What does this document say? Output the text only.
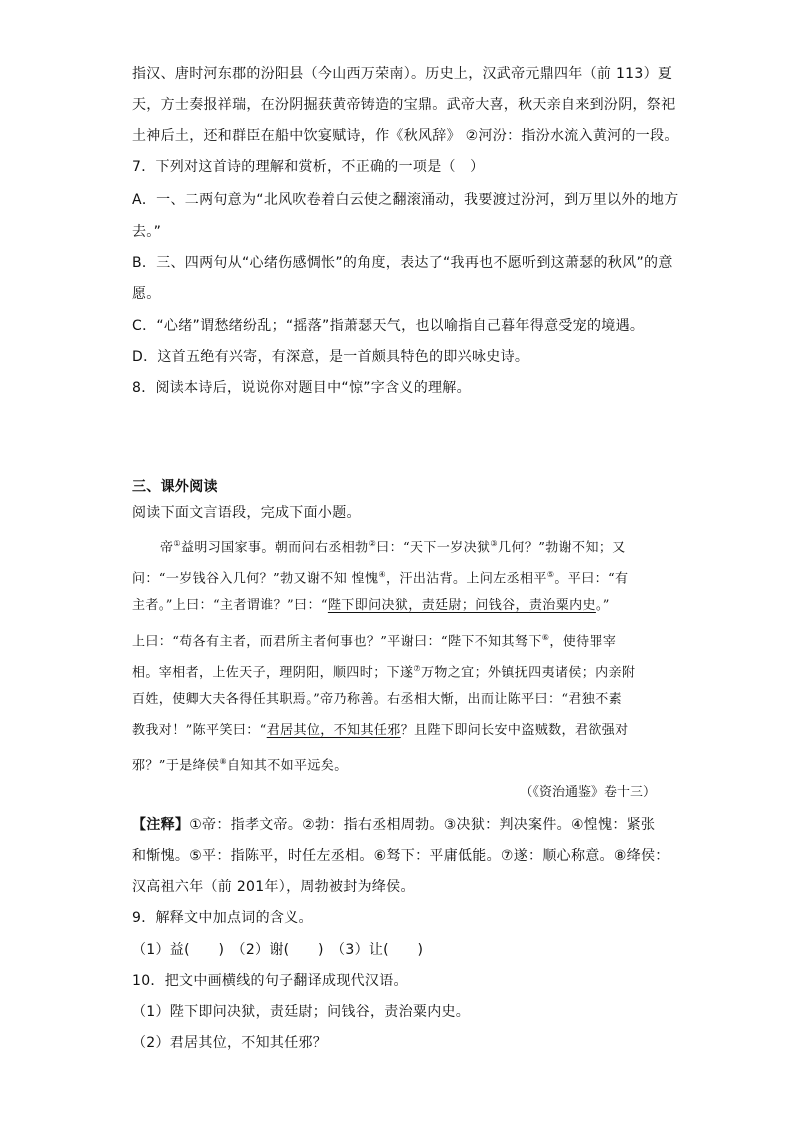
指汉、唐时河东郡的汾阳县（今山西万荣南）。历史上，汉武帝元鼎四年（前 113）夏
天，方士奏报祥瑞，在汾阴掘获黄帝铸造的宝鼎。武帝大喜，秋天亲自来到汾阴，祭祀
土神后土，还和群臣在船中饮宴赋诗，作《秋风辞》 ②河汾：指汾水流入黄河的一段。
7．下列对这首诗的理解和赏析，不正确的一项是（　）
A．一、二两句意为“北风吹卷着白云使之翻滚涌动，我要渡过汾河，到万里以外的地方
去。”
B．三、四两句从“心绪伤感惆怅”的角度，表达了“我再也不愿听到这萧瑟的秋风”的意
愿。
C．“心绪”谓愁绪纷乱；“摇落”指萧瑟天气，也以喻指自己暮年得意受宠的境遇。
D．这首五绝有兴寄，有深意，是一首颇具特色的即兴咏史诗。
8．阅读本诗后，说说你对题目中“惊”字含义的理解。
三、课外阅读
阅读下面文言语段，完成下面小题。
帝①益明习国家事。朝而问右丞相勃②曰：“天下一岁决狱③几何？”勃谢不知；又
问：“一岁钱谷入几何？”勃又谢不知 惶愧④，汗出沾背。上问左丞相平⑤。平曰：“有
主者。”上曰：“主者谓谁？”曰：“陛下即问决狱，责廷尉；问钱谷，责治粟内史。”
上曰：“苟各有主者，而君所主者何事也？”平谢曰：“陛下不知其驽下⑥，使待罪宰
相。宰相者，上佐天子，理阴阳，顺四时；下遂⑦万物之宜；外镇抚四夷诸侯；内亲附
百姓，使卿大夫各得任其职焉。”帝乃称善。右丞相大惭，出而让陈平曰：“君独不素
教我对！”陈平笑曰：“君居其位，不知其任邪？且陛下即问长安中盗贼数，君欲强对
邪？”于是绛侯⑧自知其不如平远矣。
（《资治通鉴》卷十三）
【注释】①帝：指孝文帝。②勃：指右丞相周勃。③决狱：判决案件。④惶愧：紧张
和惭愧。⑤平：指陈平，时任左丞相。⑥驽下：平庸低能。⑦遂：顺心称意。⑧绛侯：
汉高祖六年（前 201年），周勃被封为绛侯。
9．解释文中加点词的含义。
（1）益(　　)　（2）谢(　　)　（3）让(　　)
10．把文中画横线的句子翻译成现代汉语。
（1）陛下即问决狱，责廷尉；问钱谷，责治粟内史。
（2）君居其位，不知其任邪？
